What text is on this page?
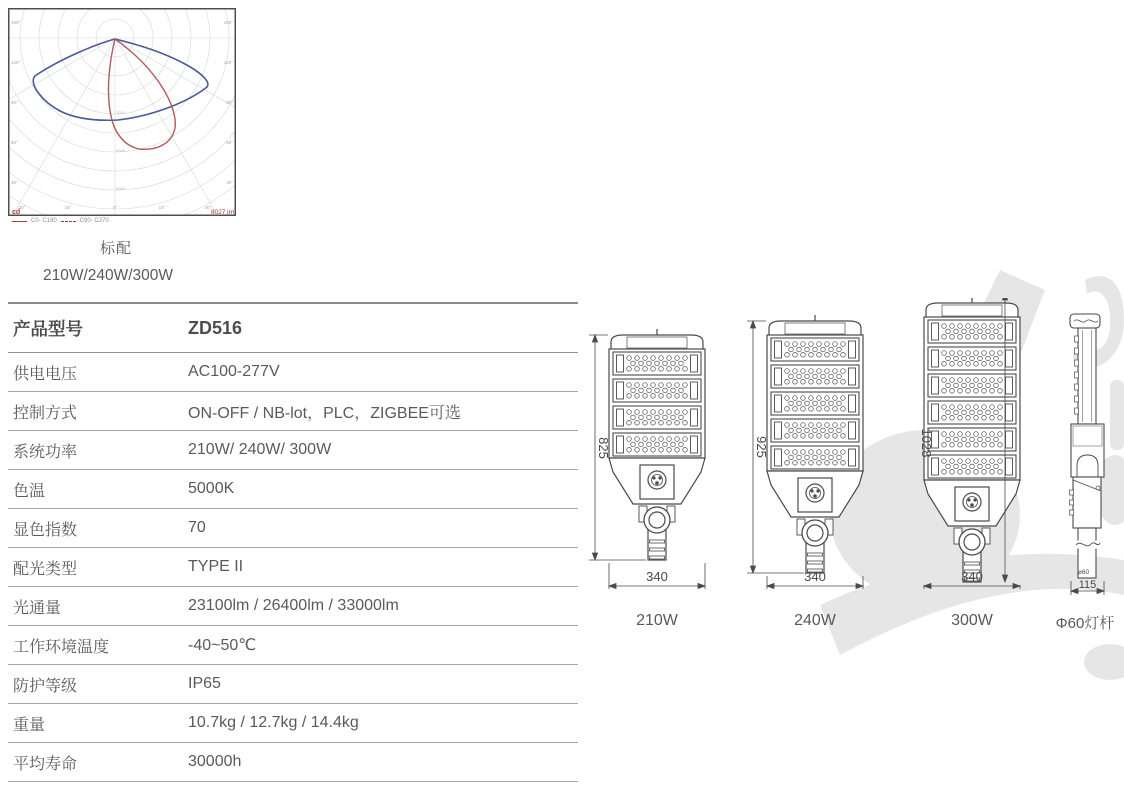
150°
120°
90°
60°
30°
150°
120°
90°
60°
30°
30°	15°	0°	15°	30°
2000
4000
6000
cd	8027 lm
C0- C180	C90- C270
标配
210W/240W/300W
产品型号	ZD516
供电电压	AC100-277V
控制方式	ON-OFF / NB-lot，PLC，ZIGBEE可选
系统功率	210W/ 240W/ 300W
色温	5000K
显色指数	70
配光类型	TYPE II
光通量	23100lm / 26400lm / 33000lm
工作环境温度	-40~50℃
防护等级	IP65
重量	10.7kg / 12.7kg / 14.4kg
平均寿命	30000h
825
340
925
340
1028
340	⌀60
115
210W	240W	300W	Φ60灯杆
